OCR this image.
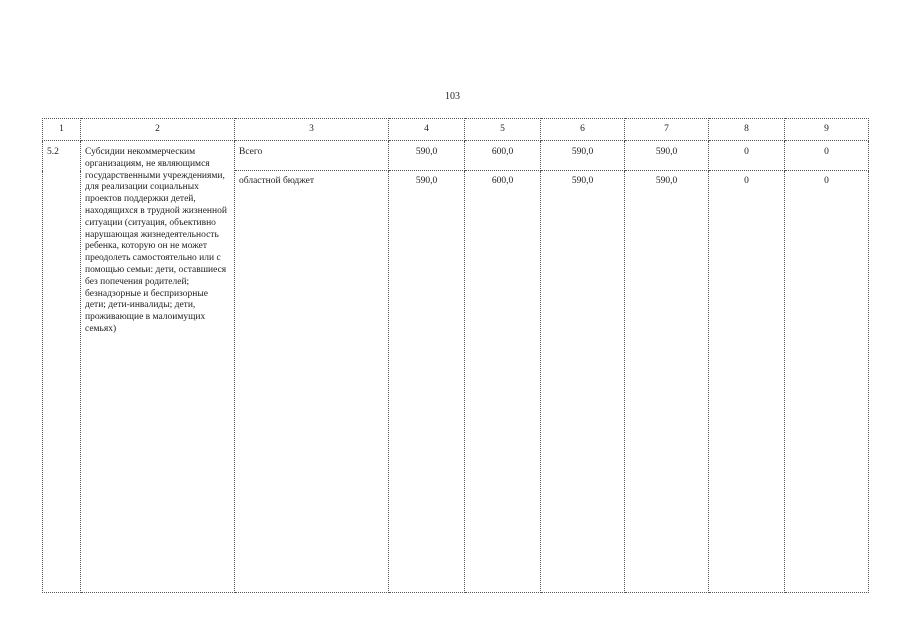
103
1	2	3	4	5	6	7	8	9
5.2	Субсидии некоммерческим организациям, не являющимся государственными учреждениями, для реализации социальных проектов поддержки детей, находящихся в трудной жизненной ситуации (ситуация, объективно нарушающая жизнедеятельность ребенка, которую он не может преодолеть самостоятельно или с помощью семьи: дети, оставшиеся без попечения родителей; безнадзорные и беспризорные дети; дети-инвалиды; дети, проживающие в малоимущих семьях)	Всего	590,0	600,0	590,0	590,0	0	0
		областной бюджет	590,0	600,0	590,0	590,0	0	0
